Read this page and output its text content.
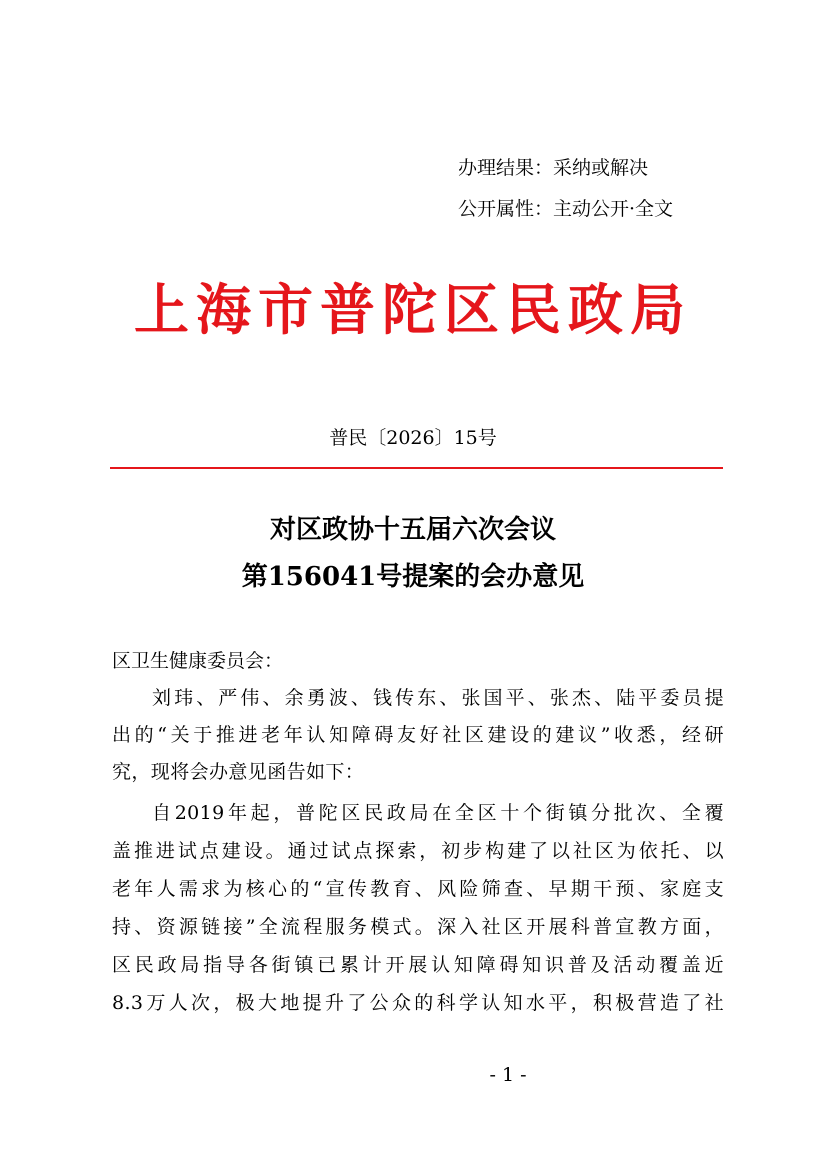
办理结果：采纳或解决
公开属性：主动公开·全文
上海市普陀区民政局
普民〔2026〕15号
对区政协十五届六次会议
第156041号提案的会办意见
区卫生健康委员会：
刘玮、严伟、余勇波、钱传东、张国平、张杰、陆平委员提
出的“关于推进老年认知障碍友好社区建设的建议”收悉，经研
究，现将会办意见函告如下：
自2019年起，普陀区民政局在全区十个街镇分批次、全覆
盖推进试点建设。通过试点探索，初步构建了以社区为依托、以
老年人需求为核心的“宣传教育、风险筛查、早期干预、家庭支
持、资源链接”全流程服务模式。深入社区开展科普宣教方面，
区民政局指导各街镇已累计开展认知障碍知识普及活动覆盖近
8.3万人次，极大地提升了公众的科学认知水平，积极营造了社
- 1 -
